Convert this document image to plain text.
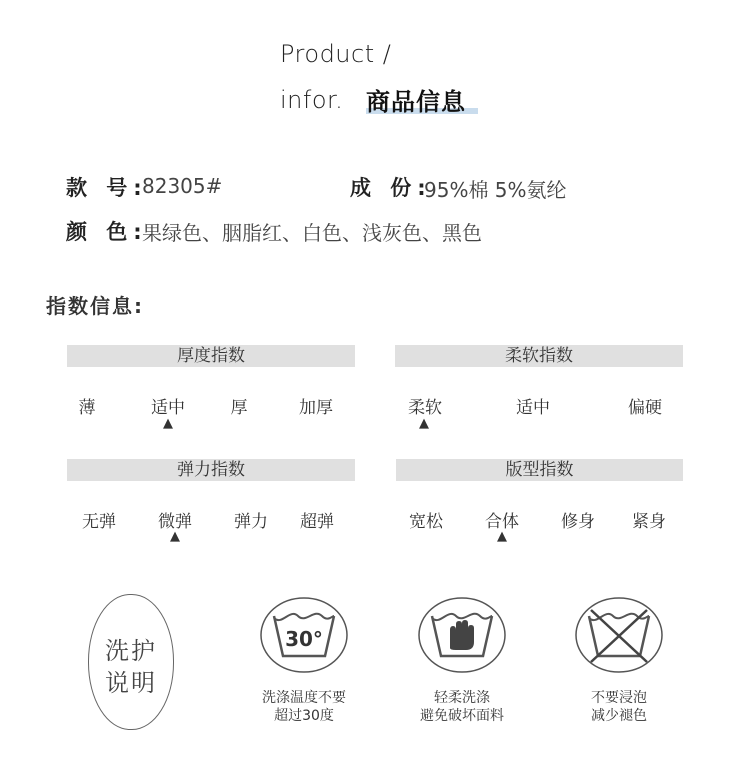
Product /
infor. 商品信息
款 号:
82305#	成 份:
95%棉 5%氨纶
颜 色:
果绿色、胭脂红、白色、浅灰色、黑色
指数信息:
厚度指数
薄	适中	厚	加厚
▲
柔软指数
柔软	适中	偏硬
▲
弹力指数
无弹	微弹	弹力	超弹
▲
版型指数
宽松	合体	修身	紧身
▲
洗护
说明
30°
洗涤温度不要
超过30度
轻柔洗涤
避免破坏面料
不要浸泡
减少褪色
